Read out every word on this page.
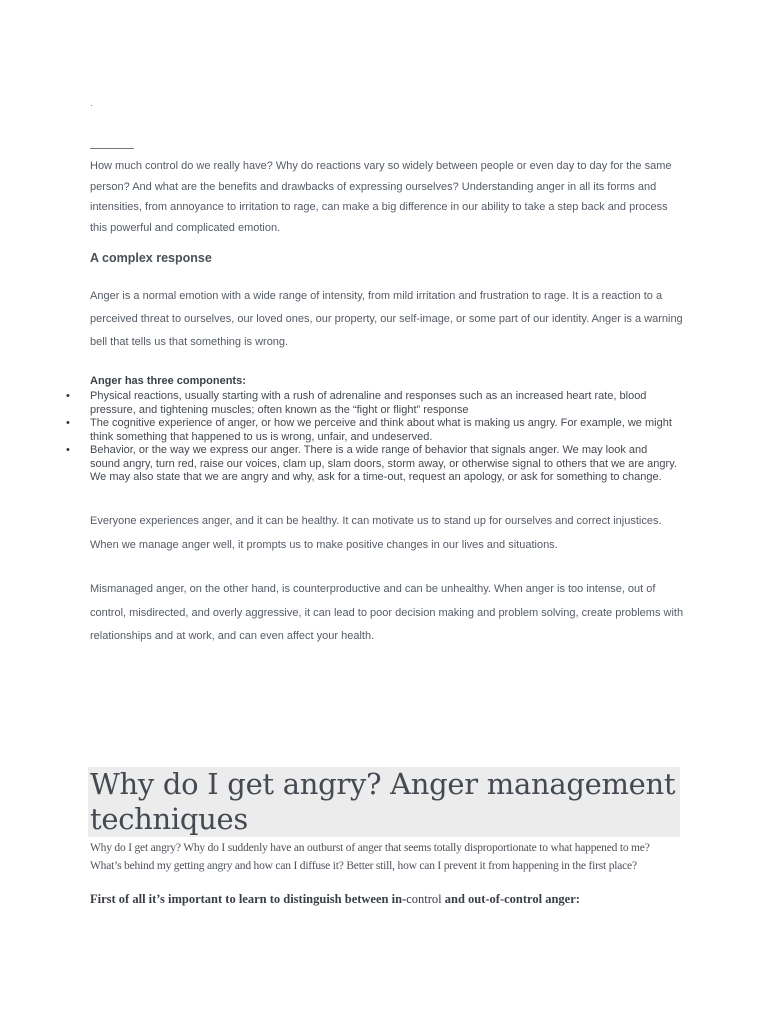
.

How much control do we really have? Why do reactions vary so widely between people or even day to day for the same person? And what are the benefits and drawbacks of expressing ourselves? Understanding anger in all its forms and intensities, from annoyance to irritation to rage, can make a big difference in our ability to take a step back and process this powerful and complicated emotion.

A complex response

Anger is a normal emotion with a wide range of intensity, from mild irritation and frustration to rage. It is a reaction to a perceived threat to ourselves, our loved ones, our property, our self-image, or some part of our identity. Anger is a warning bell that tells us that something is wrong.

Anger has three components:

• Physical reactions, usually starting with a rush of adrenaline and responses such as an increased heart rate, blood pressure, and tightening muscles; often known as the “fight or flight” response
• The cognitive experience of anger, or how we perceive and think about what is making us angry. For example, we might think something that happened to us is wrong, unfair, and undeserved.
• Behavior, or the way we express our anger. There is a wide range of behavior that signals anger. We may look and sound angry, turn red, raise our voices, clam up, slam doors, storm away, or otherwise signal to others that we are angry. We may also state that we are angry and why, ask for a time-out, request an apology, or ask for something to change.

Everyone experiences anger, and it can be healthy. It can motivate us to stand up for ourselves and correct injustices. When we manage anger well, it prompts us to make positive changes in our lives and situations.

Mismanaged anger, on the other hand, is counterproductive and can be unhealthy. When anger is too intense, out of control, misdirected, and overly aggressive, it can lead to poor decision making and problem solving, create problems with relationships and at work, and can even affect your health.

Why do I get angry? Anger management techniques

Why do I get angry? Why do I suddenly have an outburst of anger that seems totally disproportionate to what happened to me? What’s behind my getting angry and how can I diffuse it? Better still, how can I prevent it from happening in the first place?

First of all it’s important to learn to distinguish between in-control and out-of-control anger:
